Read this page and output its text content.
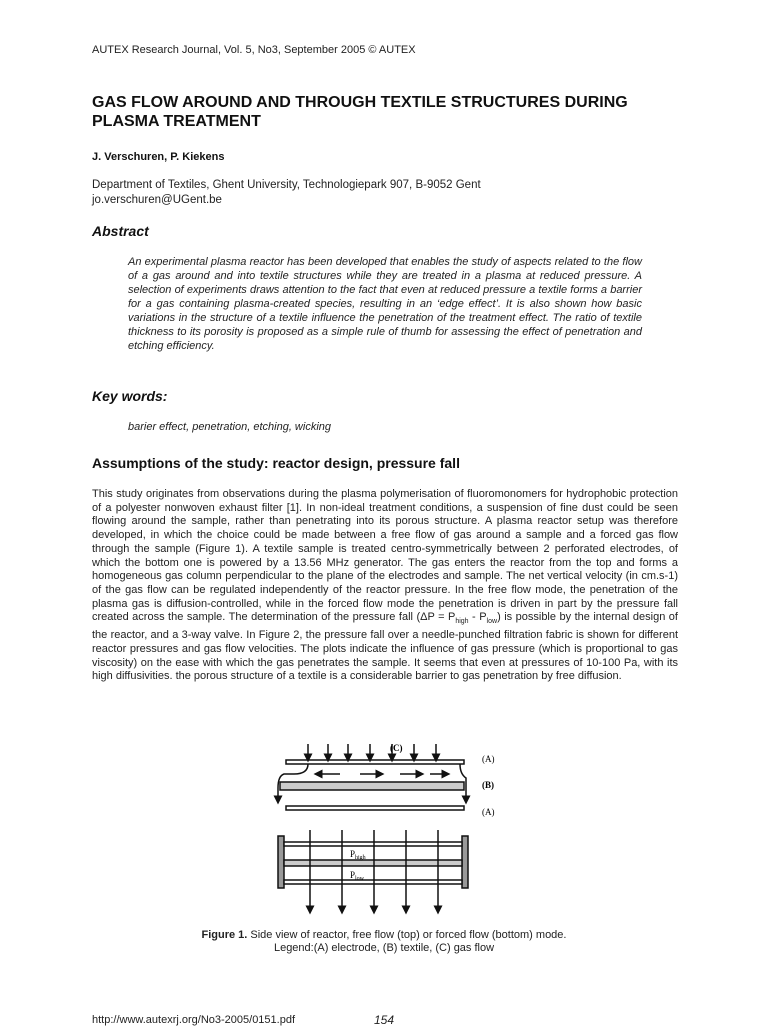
AUTEX Research Journal, Vol. 5, No3, September 2005 © AUTEX
GAS FLOW AROUND AND THROUGH TEXTILE STRUCTURES DURING PLASMA TREATMENT
J. Verschuren, P. Kiekens
Department of Textiles, Ghent University, Technologiepark 907, B-9052 Gent
jo.verschuren@UGent.be
Abstract
An experimental plasma reactor has been developed that enables the study of aspects related to the flow of a gas around and into textile structures while they are treated in a plasma at reduced pressure. A selection of experiments draws attention to the fact that even at reduced pressure a textile forms a barrier for a gas containing plasma-created species, resulting in an ‘edge effect’. It is also shown how basic variations in the structure of a textile influence the penetration of the treatment effect. The ratio of textile thickness to its porosity is proposed as a simple rule of thumb for assessing the effect of penetration and etching efficiency.
Key words:
barier effect, penetration, etching, wicking
Assumptions of the study: reactor design, pressure fall
This study originates from observations during the plasma polymerisation of fluoromonomers for hydrophobic protection of a polyester nonwoven exhaust filter [1]. In non-ideal treatment conditions, a suspension of fine dust could be seen flowing around the sample, rather than penetrating into its porous structure. A plasma reactor setup was therefore developed, in which the choice could be made between a free flow of gas around a sample and a forced gas flow through the sample (Figure 1). A textile sample is treated centro-symmetrically between 2 perforated electrodes, of which the bottom one is powered by a 13.56 MHz generator. The gas enters the reactor from the top and forms a homogeneous gas column perpendicular to the plane of the electrodes and sample. The net vertical velocity (in cm.s-1) of the gas flow can be regulated independently of the reactor pressure. In the free flow mode, the penetration of the plasma gas is diffusion-controlled, while in the forced flow mode the penetration is driven in part by the pressure fall created across the sample. The determination of the pressure fall $(\Delta P = P_{high} - P_{low})$ is possible by the internal design of the reactor, and a 3-way valve. In Figure 2, the pressure fall over a needle-punched filtration fabric is shown for different reactor pressures and gas flow velocities. The plots indicate the influence of gas pressure (which is proportional to gas viscosity) on the ease with which the gas penetrates the sample. It seems that even at pressures of 10-100 Pa, with its high diffusivities. the porous structure of a textile is a considerable barrier to gas penetration by free diffusion.
(C)
(A)
(B)
(A)
$P_{high}$
$P_{low}$
Figure 1. Side view of reactor, free flow (top) or forced flow (bottom) mode.
Legend:(A) electrode, (B) textile, (C) gas flow
http://www.autexrj.org/No3-2005/0151.pdf	154
